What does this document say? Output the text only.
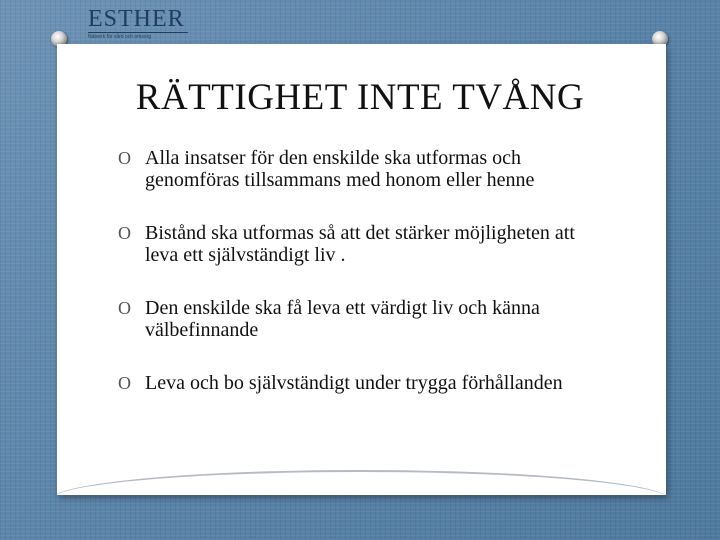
ESTHER
Nätverk för vård och omsorg
RÄTTIGHET INTE TVÅNG
O Alla insatser för den enskilde ska utformas och genomföras tillsammans med honom eller henne
O Bistånd ska utformas så att det stärker möjligheten att leva ett självständigt liv .
O Den enskilde ska få leva ett värdigt liv och känna välbefinnande
O Leva och bo självständigt under trygga förhållanden
